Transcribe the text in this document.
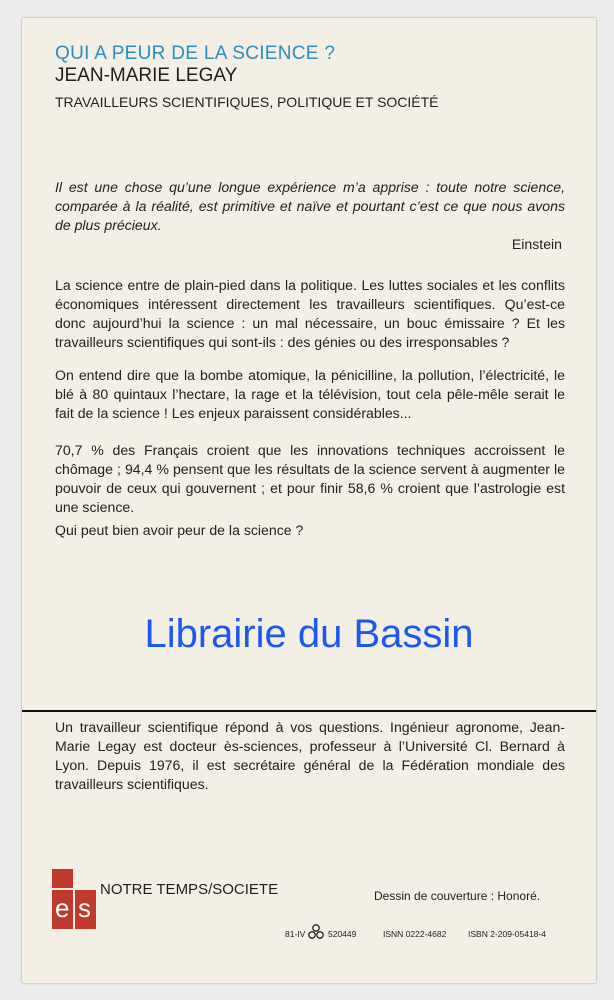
QUI A PEUR DE LA SCIENCE ?
JEAN-MARIE LEGAY
TRAVAILLEURS SCIENTIFIQUES, POLITIQUE ET SOCIÉTÉ

Il est une chose qu’une longue expérience m’a apprise : toute notre science, comparée à la réalité, est primitive et naïve et pourtant c’est ce que nous avons de plus précieux.

Einstein

La science entre de plain-pied dans la politique. Les luttes sociales et les conflits économiques intéressent directement les travailleurs scientifiques. Qu’est-ce donc aujourd’hui la science : un mal nécessaire, un bouc émissaire ? Et les travailleurs scientifiques qui sont-ils : des génies ou des irresponsables ?

On entend dire que la bombe atomique, la pénicilline, la pollution, l’électricité, le blé à 80 quintaux l’hectare, la rage et la télévision, tout cela pêle-mêle serait le fait de la science ! Les enjeux paraissent considérables...

70,7 % des Français croient que les innovations techniques accroissent le chômage ; 94,4 % pensent que les résultats de la science servent à augmenter le pouvoir de ceux qui gouvernent ; et pour finir 58,6 % croient que l’astrologie est une science.

Qui peut bien avoir peur de la science ?

Librairie du Bassin

Un travailleur scientifique répond à vos questions. Ingénieur agronome, Jean-Marie Legay est docteur ès-sciences, professeur à l’Université Cl. Bernard à Lyon. Depuis 1976, il est secrétaire général de la Fédération mondiale des travailleurs scientifiques.

e s
NOTRE TEMPS/SOCIETE	Dessin de couverture : Honoré.
81-IV	520449	ISNN 0222-4682	ISBN 2-209-05418-4
